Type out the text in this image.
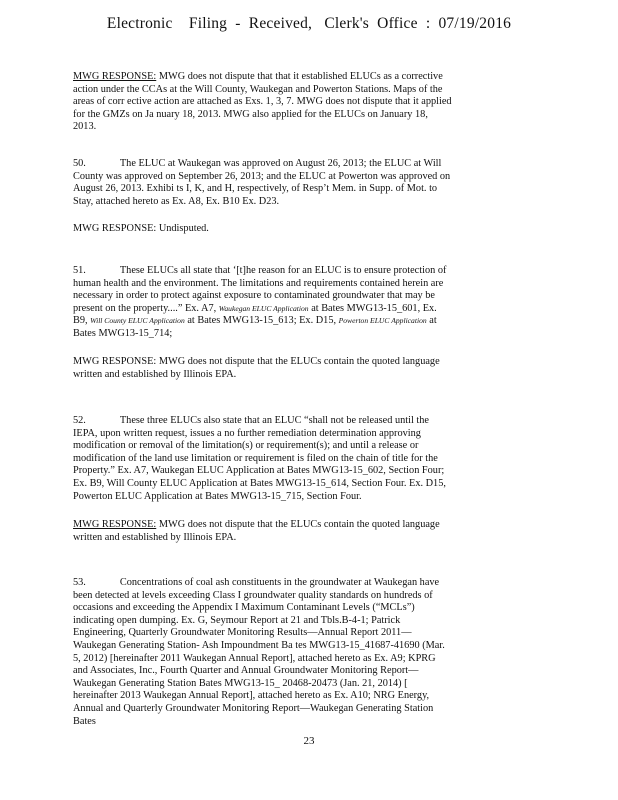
Electronic    Filing  -  Received,   Clerk's  Office  :  07/19/2016

MWG RESPONSE: MWG does not dispute that that it established ELUCs as a corrective action under the CCAs at the Will County, Waukegan and Powerton Stations. Maps of the areas of corr ective action are attached as Exs. 1, 3, 7. MWG does not dispute that it applied for the GMZs on Ja nuary 18, 2013. MWG also applied for the ELUCs on January 18, 2013.

50.	The ELUC at Waukegan was approved on August 26, 2013; the ELUC at Will County was approved on September 26, 2013; and the ELUC at Powerton was approved on August 26, 2013. Exhibi ts I, K, and H, respectively, of Resp’t Mem. in Supp. of Mot. to Stay, attached hereto as Ex. A8, Ex. B10 Ex. D23.

MWG RESPONSE: Undisputed.

51.	These ELUCs all state that ‘[t]he reason for an ELUC is to ensure protection of human health and the environment. The limitations and requirements contained herein are necessary in order to protect against exposure to contaminated groundwater that may be present on the property....” Ex. A7, Waukegan ELUC Application at Bates MWG13-15_601, Ex. B9, Will County ELUC Application at Bates MWG13-15_613; Ex. D15, Powerton ELUC Application at Bates MWG13-15_714;

MWG RESPONSE: MWG does not dispute that the ELUCs contain the quoted language written and established by Illinois EPA.

52.	These three ELUCs also state that an ELUC “shall not be released until the IEPA, upon written request, issues a no further remediation determination approving modification or removal of the limitation(s) or requirement(s); and until a release or modification of the land use limitation or requirement is filed on the chain of title for the Property.” Ex. A7, Waukegan ELUC Application at Bates MWG13-15_602, Section Four; Ex. B9, Will County ELUC Application at Bates MWG13-15_614, Section Four. Ex. D15, Powerton ELUC Application at Bates MWG13-15_715, Section Four.

MWG RESPONSE: MWG does not dispute that the ELUCs contain the quoted language written and established by Illinois EPA.

53.	Concentrations of coal ash constituents in the groundwater at Waukegan have been detected at levels exceeding Class I groundwater quality standards on hundreds of occasions and exceeding the Appendix I Maximum Contaminant Levels (“MCLs”) indicating open dumping. Ex. G, Seymour Report at 21 and Tbls.B-4-1; Patrick Engineering, Quarterly Groundwater Monitoring Results—Annual Report 2011—Waukegan Generating Station- Ash Impoundment Ba tes MWG13-15_41687-41690 (Mar. 5, 2012) [hereinafter 2011 Waukegan Annual Report], attached hereto as Ex. A9; KPRG and Associates, Inc., Fourth Quarter and Annual Groundwater Monitoring Report—Waukegan Generating Station Bates MWG13-15_ 20468-20473 (Jan. 21, 2014) [ hereinafter 2013 Waukegan Annual Report], attached hereto as Ex. A10; NRG Energy, Annual and Quarterly Groundwater Monitoring Report—Waukegan Generating Station Bates

23
